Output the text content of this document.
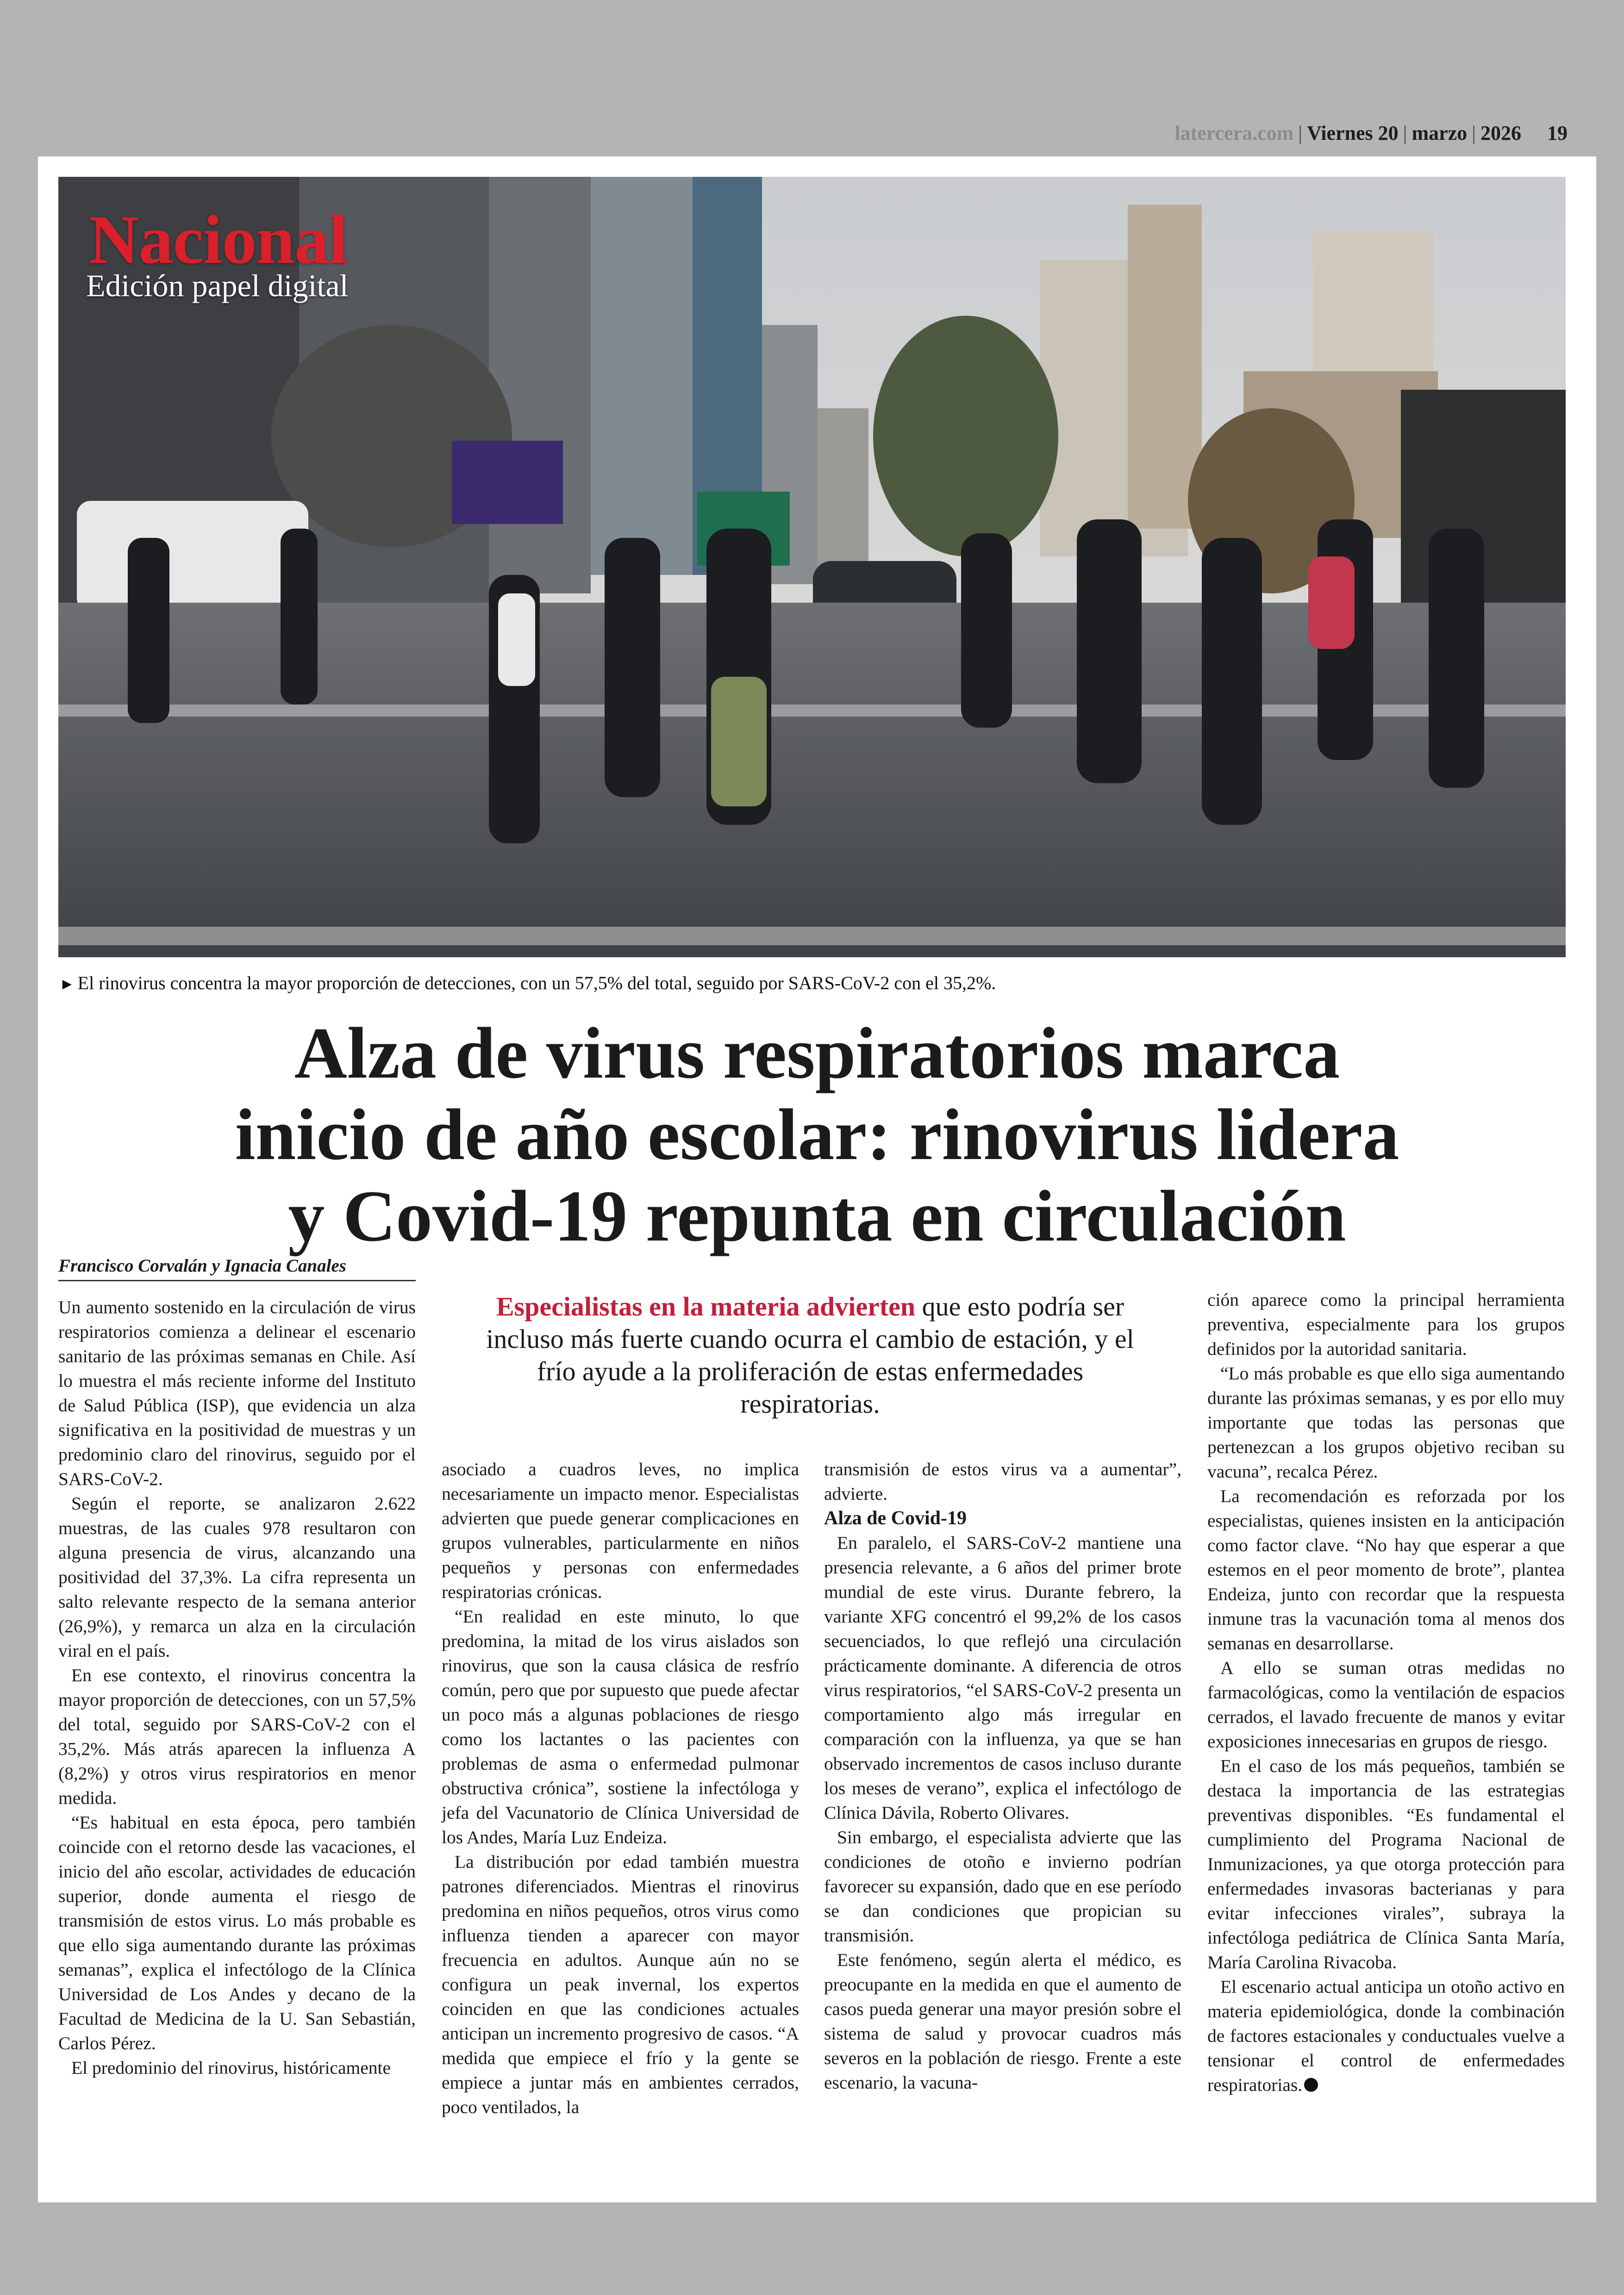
latercera.com | Viernes 20 | marzo | 2026 19
Nacional
Edición papel digital
► El rinovirus concentra la mayor proporción de detecciones, con un 57,5% del total, seguido por SARS-CoV-2 con el 35,2%.
Alza de virus respiratorios marca
inicio de año escolar: rinovirus lidera
y Covid-19 repunta en circulación
Francisco Corvalán y Ignacia Canales
Especialistas en la materia advierten que esto podría ser incluso más fuerte cuando ocurra el cambio de estación, y el frío ayude a la proliferación de estas enfermedades respiratorias.

Un aumento sostenido en la circulación de virus respiratorios comienza a delinear el escenario sanitario de las próximas semanas en Chile. Así lo muestra el más reciente informe del Instituto de Salud Pública (ISP), que evidencia un alza significativa en la positividad de muestras y un predominio claro del rinovirus, seguido por el SARS-CoV-2.

Según el reporte, se analizaron 2.622 muestras, de las cuales 978 resultaron con alguna presencia de virus, alcanzando una positividad del 37,3%. La cifra representa un salto relevante respecto de la semana anterior (26,9%), y remarca un alza en la circulación viral en el país.

En ese contexto, el rinovirus concentra la mayor proporción de detecciones, con un 57,5% del total, seguido por SARS-CoV-2 con el 35,2%. Más atrás aparecen la influenza A (8,2%) y otros virus respiratorios en menor medida.

“Es habitual en esta época, pero también coincide con el retorno desde las vacaciones, el inicio del año escolar, actividades de educación superior, donde aumenta el riesgo de transmisión de estos virus. Lo más probable es que ello siga aumentando durante las próximas semanas”, explica el infectólogo de la Clínica Universidad de Los Andes y decano de la Facultad de Medicina de la U. San Sebastián, Carlos Pérez.

El predominio del rinovirus, históricamente

asociado a cuadros leves, no implica necesariamente un impacto menor. Especialistas advierten que puede generar complicaciones en grupos vulnerables, particularmente en niños pequeños y personas con enfermedades respiratorias crónicas.

“En realidad en este minuto, lo que predomina, la mitad de los virus aislados son rinovirus, que son la causa clásica de resfrío común, pero que por supuesto que puede afectar un poco más a algunas poblaciones de riesgo como los lactantes o las pacientes con problemas de asma o enfermedad pulmonar obstructiva crónica”, sostiene la infectóloga y jefa del Vacunatorio de Clínica Universidad de los Andes, María Luz Endeiza.

La distribución por edad también muestra patrones diferenciados. Mientras el rinovirus predomina en niños pequeños, otros virus como influenza tienden a aparecer con mayor frecuencia en adultos. Aunque aún no se configura un peak invernal, los expertos coinciden en que las condiciones actuales anticipan un incremento progresivo de casos. “A medida que empiece el frío y la gente se empiece a juntar más en ambientes cerrados, poco ventilados, la

transmisión de estos virus va a aumentar”, advierte.

Alza de Covid-19

En paralelo, el SARS-CoV-2 mantiene una presencia relevante, a 6 años del primer brote mundial de este virus. Durante febrero, la variante XFG concentró el 99,2% de los casos secuenciados, lo que reflejó una circulación prácticamente dominante. A diferencia de otros virus respiratorios, “el SARS-CoV-2 presenta un comportamiento algo más irregular en comparación con la influenza, ya que se han observado incrementos de casos incluso durante los meses de verano”, explica el infectólogo de Clínica Dávila, Roberto Olivares.

Sin embargo, el especialista advierte que las condiciones de otoño e invierno podrían favorecer su expansión, dado que en ese período se dan condiciones que propician su transmisión.

Este fenómeno, según alerta el médico, es preocupante en la medida en que el aumento de casos pueda generar una mayor presión sobre el sistema de salud y provocar cuadros más severos en la población de riesgo. Frente a este escenario, la vacuna-

ción aparece como la principal herramienta preventiva, especialmente para los grupos definidos por la autoridad sanitaria.

“Lo más probable es que ello siga aumentando durante las próximas semanas, y es por ello muy importante que todas las personas que pertenezcan a los grupos objetivo reciban su vacuna”, recalca Pérez.

La recomendación es reforzada por los especialistas, quienes insisten en la anticipación como factor clave. “No hay que esperar a que estemos en el peor momento de brote”, plantea Endeiza, junto con recordar que la respuesta inmune tras la vacunación toma al menos dos semanas en desarrollarse.

A ello se suman otras medidas no farmacológicas, como la ventilación de espacios cerrados, el lavado frecuente de manos y evitar exposiciones innecesarias en grupos de riesgo.

En el caso de los más pequeños, también se destaca la importancia de las estrategias preventivas disponibles. “Es fundamental el cumplimiento del Programa Nacional de Inmunizaciones, ya que otorga protección para enfermedades invasoras bacterianas y para evitar infecciones virales”, subraya la infectóloga pediátrica de Clínica Santa María, María Carolina Rivacoba.

El escenario actual anticipa un otoño activo en materia epidemiológica, donde la combinación de factores estacionales y conductuales vuelve a tensionar el control de enfermedades respiratorias.
